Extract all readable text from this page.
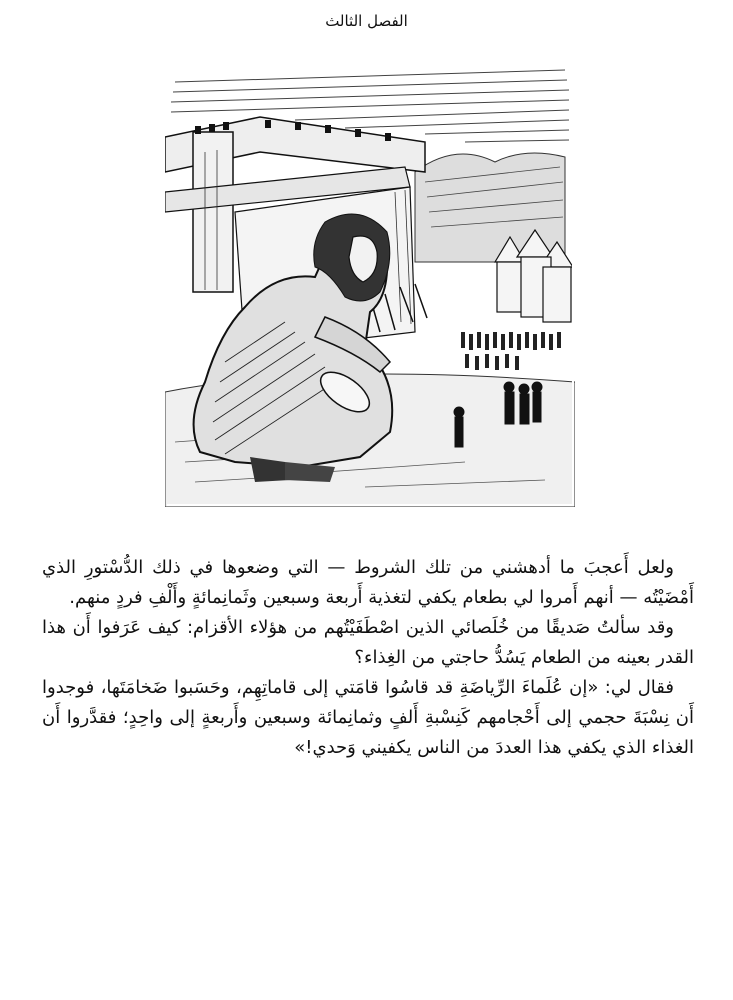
الفصل الثالث

ولعل أَعجبَ ما أدهشني من تلك الشروط — التي وضعوها في ذلك الدُّسْتورِ الذي أَمْضَيْتُه — أنهم أَمروا لي بطعام يكفي لتغذية أَربعة وسبعين وثَمانِمائةٍ وأَلْفِ فردٍ منهم.

وقد سألتُ صَديقًا من خُلَصائي الذين اصْطَفَيْتُهم من هؤلاء الأقزام: كيف عَرَفوا أَن هذا القدر بعينه من الطعام يَسُدُّ حاجتي من الغِذاء؟

فقال لي: «إن عُلَماءَ الرِّياضَةِ قد قاسُوا قامَتي إلى قاماتِهِم، وحَسَبوا ضَخامَتَها، فوجدوا أَن نِسْبَةَ حجمي إلى أَحْجامهم كَنِسْبةِ أَلفٍ وثمانِمائة وسبعين وأَربعةٍ إلى واحِدٍ؛ فقدَّروا أَن الغذاء الذي يكفي هذا العددَ من الناس يكفيني وَحدي!»
